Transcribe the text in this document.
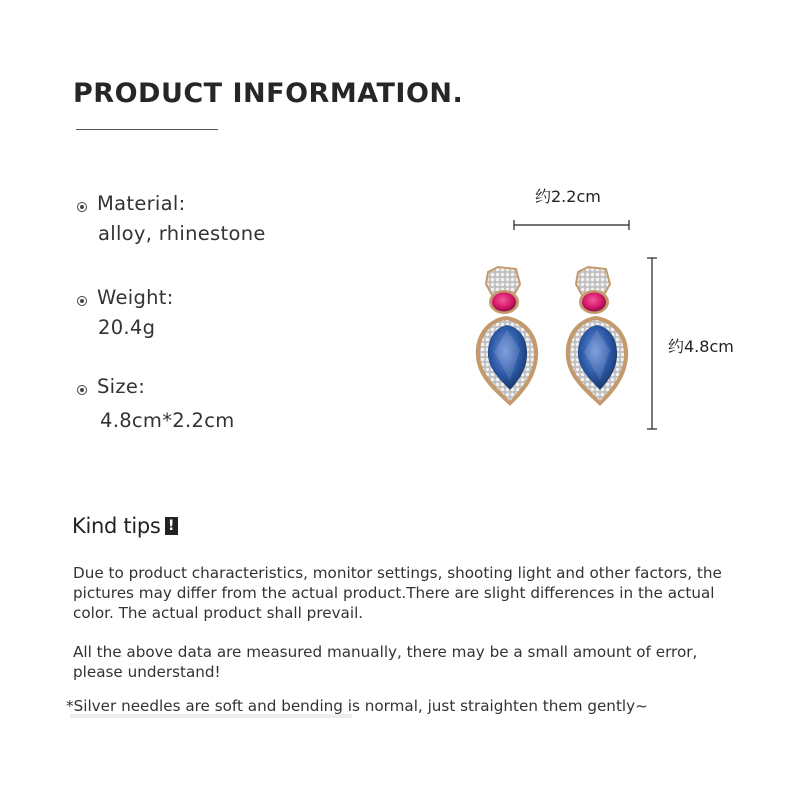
PRODUCT INFORMATION.
Material:
alloy, rhinestone
Weight:
20.4g
Size:
4.8cm*2.2cm
约2.2cm
约4.8cm
Kind tips !
Due to product characteristics, monitor settings, shooting light and other factors, the pictures may differ from the actual product.There are slight differences in the actual color. The actual product shall prevail.
All the above data are measured manually, there may be a small amount of error, please understand!
*Silver needles are soft and bending is normal, just straighten them gently~
